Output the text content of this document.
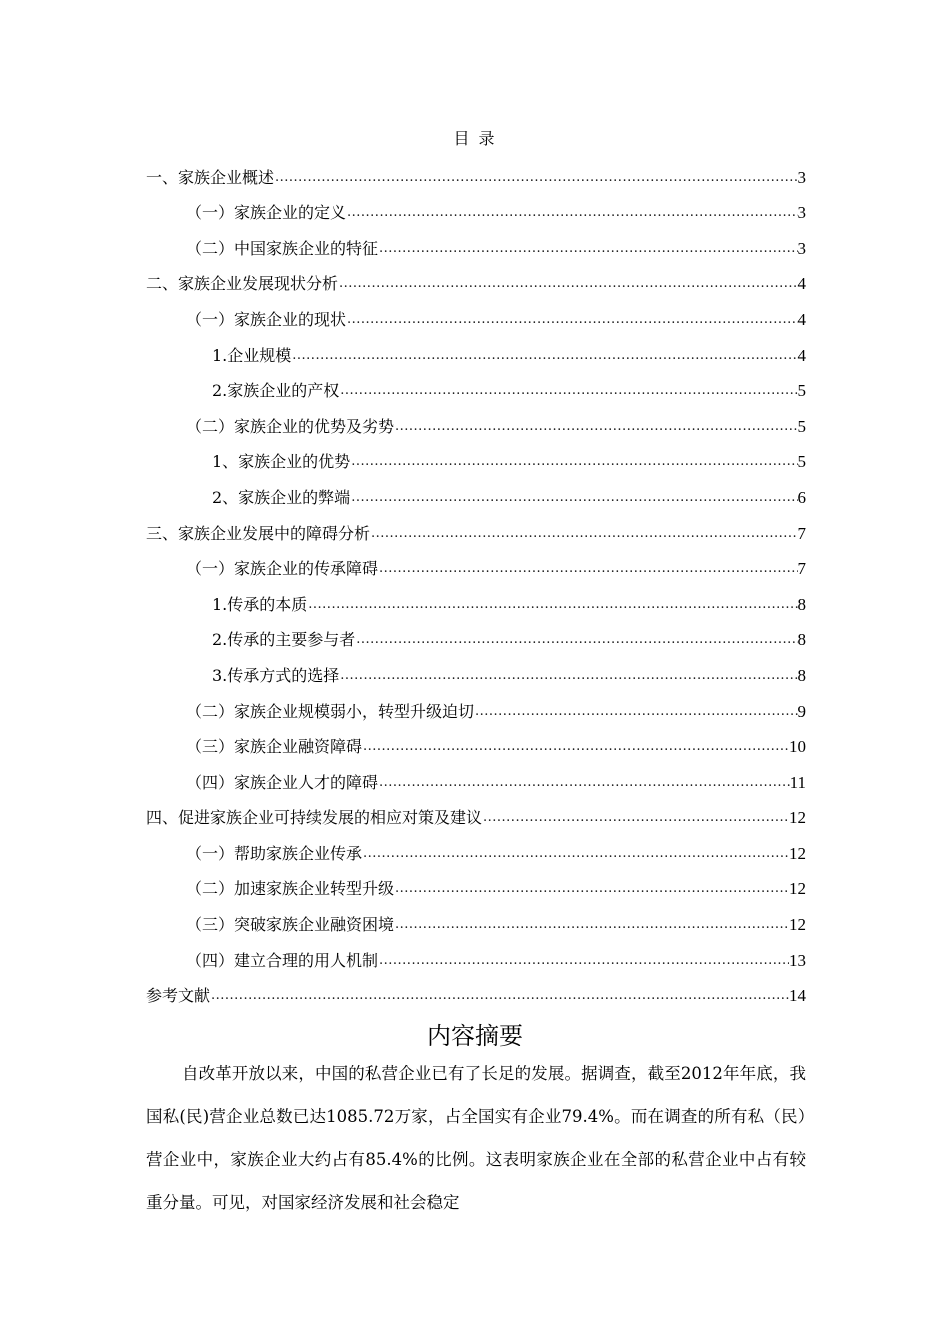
目 录
一、家族企业概述 .....	3
（一）家族企业的定义 .....	3
（二）中国家族企业的特征 .....	3
二、家族企业发展现状分析 .....	4
（一）家族企业的现状 .....	4
1.企业规模 .....	4
2.家族企业的产权 .....	5
（二）家族企业的优势及劣势 .....	5
1、家族企业的优势 .....	5
2、家族企业的弊端 .....	6
三、家族企业发展中的障碍分析 .....	7
（一）家族企业的传承障碍 .....	7
1.传承的本质 .....	8
2.传承的主要参与者 .....	8
3.传承方式的选择 .....	8
（二）家族企业规模弱小，转型升级迫切 .....	9
（三）家族企业融资障碍 .....	10
（四）家族企业人才的障碍 .....	11
四、促进家族企业可持续发展的相应对策及建议 .....	12
（一）帮助家族企业传承 .....	12
（二）加速家族企业转型升级 .....	12
（三）突破家族企业融资困境 .....	12
（四）建立合理的用人机制 .....	13
参考文献 .....	14
内容摘要

自改革开放以来，中国的私营企业已有了长足的发展。据调查，截至2012年年底，我国私(民)营企业总数已达1085.72万家，占全国实有企业79.4%。而在调查的所有私（民）营企业中，家族企业大约占有85.4%的比例。这表明家族企业在全部的私营企业中占有较重分量。可见，对国家经济发展和社会稳定
